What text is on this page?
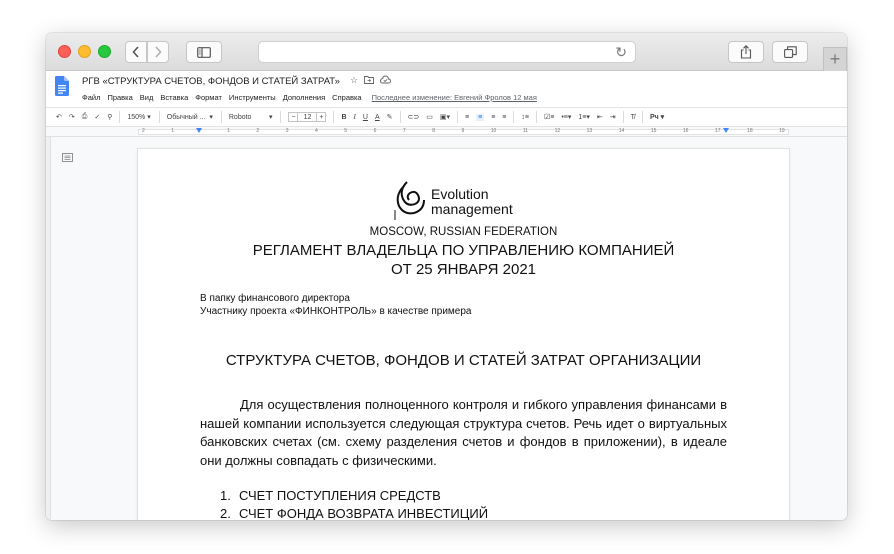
↻	+
РГВ «СТРУКТУРА СЧЕТОВ, ФОНДОВ И СТАТЕЙ ЗАТРАТ» ☆
Файл Правка Вид Вставка Формат Инструменты Дополнения Справка Последнее изменение: Евгений Фролов 12 мая
↶ ↷ ⎙ ✓ ⚲ 150%
▾ Обычный ...
▾ Roboto
	▾	−	12	+	B I U A ✎ ⊂⊃ ▭ ▣▾ ≡ ≡ ≡ ≡ ↕≡ ☑≡ •≡▾ 1≡▾ ⇤ ⇥ T̸ Рч
▾
2	1	1	2	3	4	5	6	7	8	9	10	11	12	13	14	15	16	17	18	19
Evolution
management
MOSCOW, RUSSIAN FEDERATION
РЕГЛАМЕНТ ВЛАДЕЛЬЦА ПО УПРАВЛЕНИЮ КОМПАНИЕЙ
ОТ 25 ЯНВАРЯ 2021
В папку финансового директора
Участнику проекта «ФИНКОНТРОЛЬ» в качестве примера
СТРУКТУРА СЧЕТОВ, ФОНДОВ И СТАТЕЙ ЗАТРАТ ОРГАНИЗАЦИИ
Для осуществления полноценного контроля и гибкого управления финансами в нашей компании используется следующая структура счетов. Речь идет о виртуальных банковских счетах (см. схему разделения счетов и фондов в приложении), в идеале они должны совпадать с физическими.
1. СЧЕТ ПОСТУПЛЕНИЯ СРЕДСТВ
2. СЧЕТ ФОНДА ВОЗВРАТА ИНВЕСТИЦИЙ
